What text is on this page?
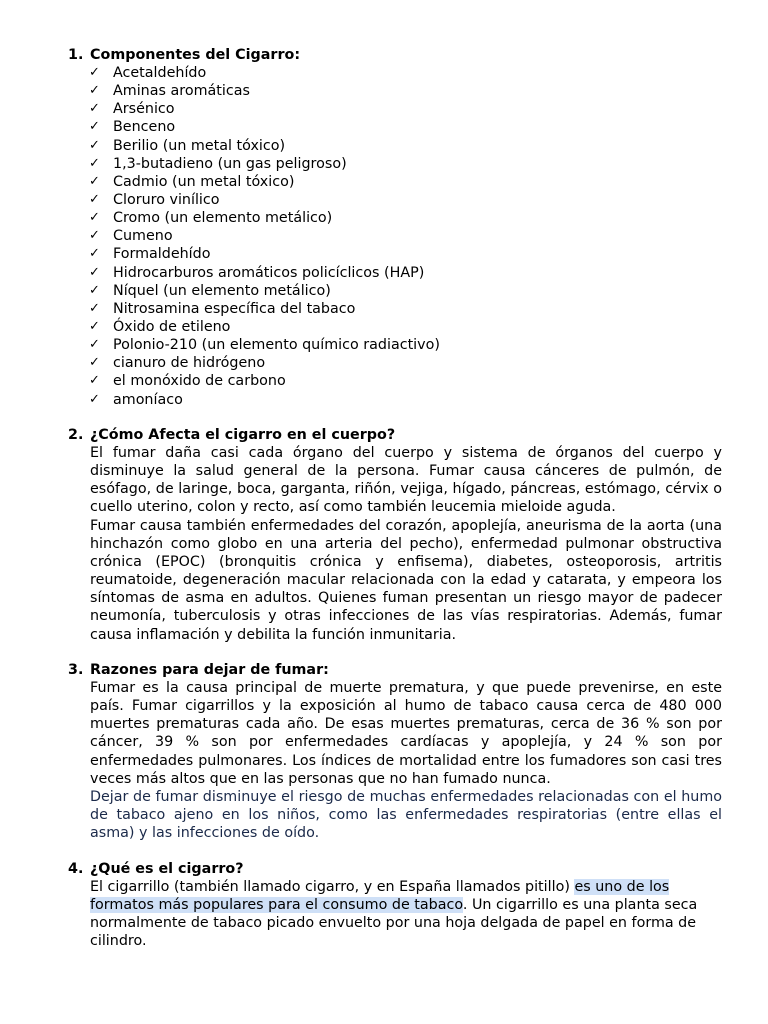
1. Componentes del Cigarro:
✓ Acetaldehído
✓ Aminas aromáticas
✓ Arsénico
✓ Benceno
✓ Berilio (un metal tóxico)
✓ 1,3-butadieno (un gas peligroso)
✓ Cadmio (un metal tóxico)
✓ Cloruro vinílico
✓ Cromo (un elemento metálico)
✓ Cumeno
✓ Formaldehído
✓ Hidrocarburos aromáticos policíclicos (HAP)
✓ Níquel (un elemento metálico)
✓ Nitrosamina específica del tabaco
✓ Óxido de etileno
✓ Polonio-210 (un elemento químico radiactivo)
✓ cianuro de hidrógeno
✓ el monóxido de carbono
✓ amoníaco
2. ¿Cómo Afecta el cigarro en el cuerpo?

El fumar daña casi cada órgano del cuerpo y sistema de órganos del cuerpo y disminuye la salud general de la persona. Fumar causa cánceres de pulmón, de esófago, de laringe, boca, garganta, riñón, vejiga, hígado, páncreas, estómago, cérvix o cuello uterino, colon y recto, así como también leucemia mieloide aguda.

Fumar causa también enfermedades del corazón, apoplejía, aneurisma de la aorta (una hinchazón como globo en una arteria del pecho), enfermedad pulmonar obstructiva crónica (EPOC) (bronquitis crónica y enfisema), diabetes, osteoporosis, artritis reumatoide, degeneración macular relacionada con la edad y catarata, y empeora los síntomas de asma en adultos. Quienes fuman presentan un riesgo mayor de padecer neumonía, tuberculosis y otras infecciones de las vías respiratorias. Además, fumar causa inflamación y debilita la función inmunitaria.

3. Razones para dejar de fumar:

Fumar es la causa principal de muerte prematura, y que puede prevenirse, en este país. Fumar cigarrillos y la exposición al humo de tabaco causa cerca de 480 000 muertes prematuras cada año. De esas muertes prematuras, cerca de 36 % son por cáncer, 39 % son por enfermedades cardíacas y apoplejía, y 24 % son por enfermedades pulmonares. Los índices de mortalidad entre los fumadores son casi tres veces más altos que en las personas que no han fumado nunca.

Dejar de fumar disminuye el riesgo de muchas enfermedades relacionadas con el humo de tabaco ajeno en los niños, como las enfermedades respiratorias (entre ellas el asma) y las infecciones de oído.

4. ¿Qué es el cigarro?

El cigarrillo (también llamado cigarro, y en España llamados pitillo) es uno de los formatos más populares para el consumo de tabaco. Un cigarrillo es una planta seca normalmente de tabaco picado envuelto por una hoja delgada de papel en forma de cilindro.
